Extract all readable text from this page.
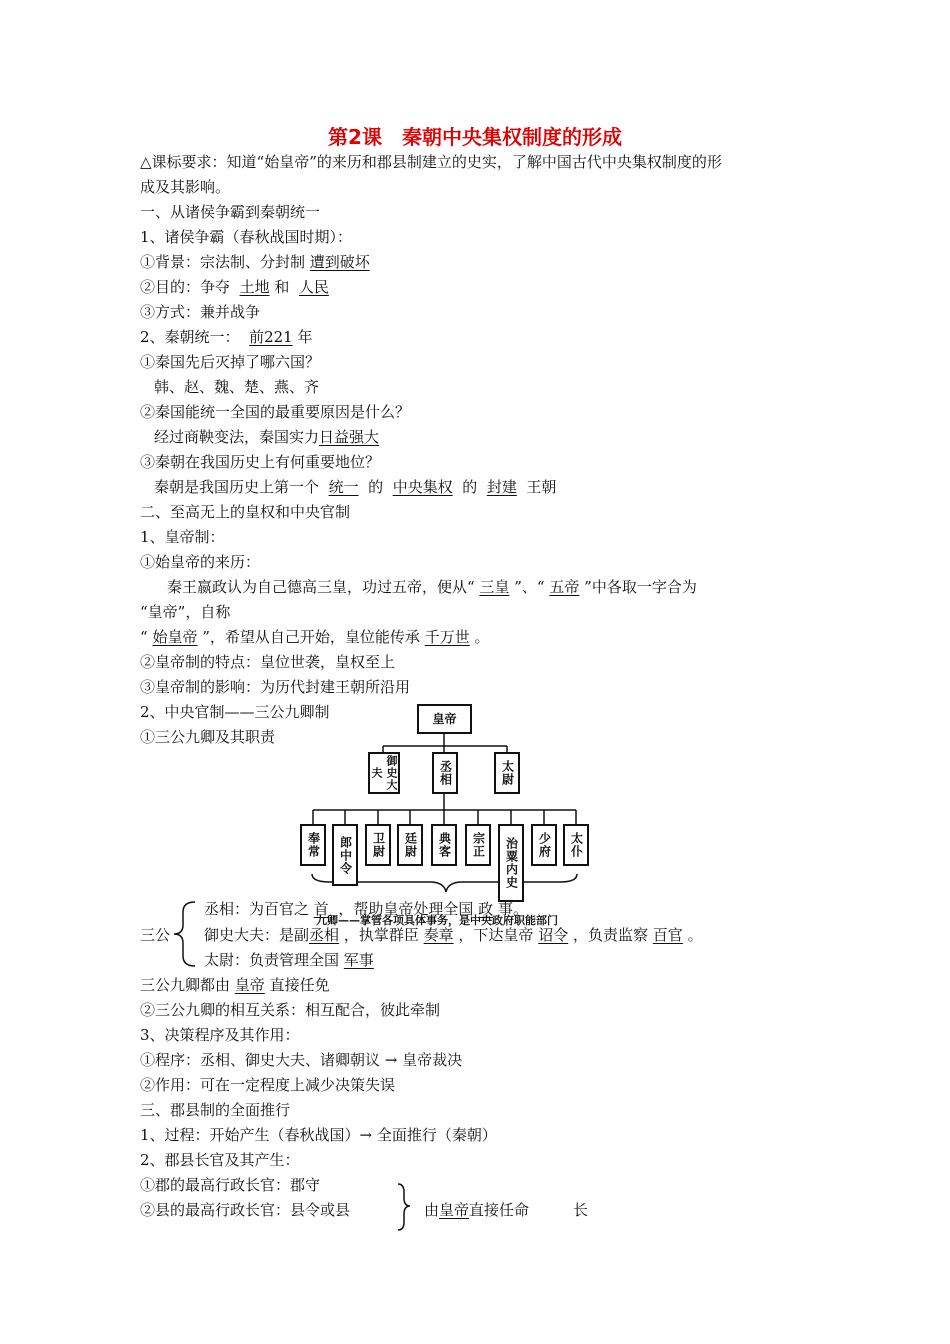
第2课　秦朝中央集权制度的形成
△课标要求：知道“始皇帝”的来历和郡县制建立的史实，了解中国古代中央集权制度的形
成及其影响。
一、从诸侯争霸到秦朝统一
1、诸侯争霸（春秋战国时期）：
①背景：宗法制、分封制 遭到破坏
②目的：争夺 土地 和 人民
③方式：兼并战争
2、秦朝统一： 前221 年
①秦国先后灭掉了哪六国？
韩、赵、魏、楚、燕、齐
②秦国能统一全国的最重要原因是什么？
经过商鞅变法，秦国实力日益强大
③秦朝在我国历史上有何重要地位？
秦朝是我国历史上第一个 统一 的 中央集权 的 封建 王朝
二、至高无上的皇权和中央官制
1、皇帝制：
①始皇帝的来历：
秦王嬴政认为自己德高三皇，功过五帝，便从“ 三皇 ”、“ 五帝 ”中各取一字合为
“皇帝”，自称
“ 始皇帝 ”，希望从自己开始，皇位能传承 千万世 。
②皇帝制的特点：皇位世袭，皇权至上
③皇帝制的影响：为历代封建王朝所沿用
2、中央官制——三公九卿制
①三公九卿及其职责
皇帝
御史大夫	丞相	太尉
奉常	郎中令	卫尉	廷尉	典客	宗正	治粟内史	少府	太仆
丞相：为百官之 首 ，帮助皇帝处理全国 政 事。
九卿——掌管各项具体事务，是中央政府职能部门
三公 御史大夫：是副丞相 ，执掌群臣 奏章 ，下达皇帝 诏令 ，负责监察 百官 。
太尉：负责管理全国 军事
三公九卿都由 皇帝 直接任免
②三公九卿的相互关系：相互配合，彼此牵制
3、决策程序及其作用：
①程序：丞相、御史大夫、诸卿朝议 → 皇帝裁决
②作用：可在一定程度上减少决策失误
三、郡县制的全面推行
1、过程：开始产生（春秋战国）→ 全面推行（秦朝）
2、郡县长官及其产生：
①郡的最高行政长官：郡守
②县的最高行政长官：县令或县	由皇帝直接任命	长
